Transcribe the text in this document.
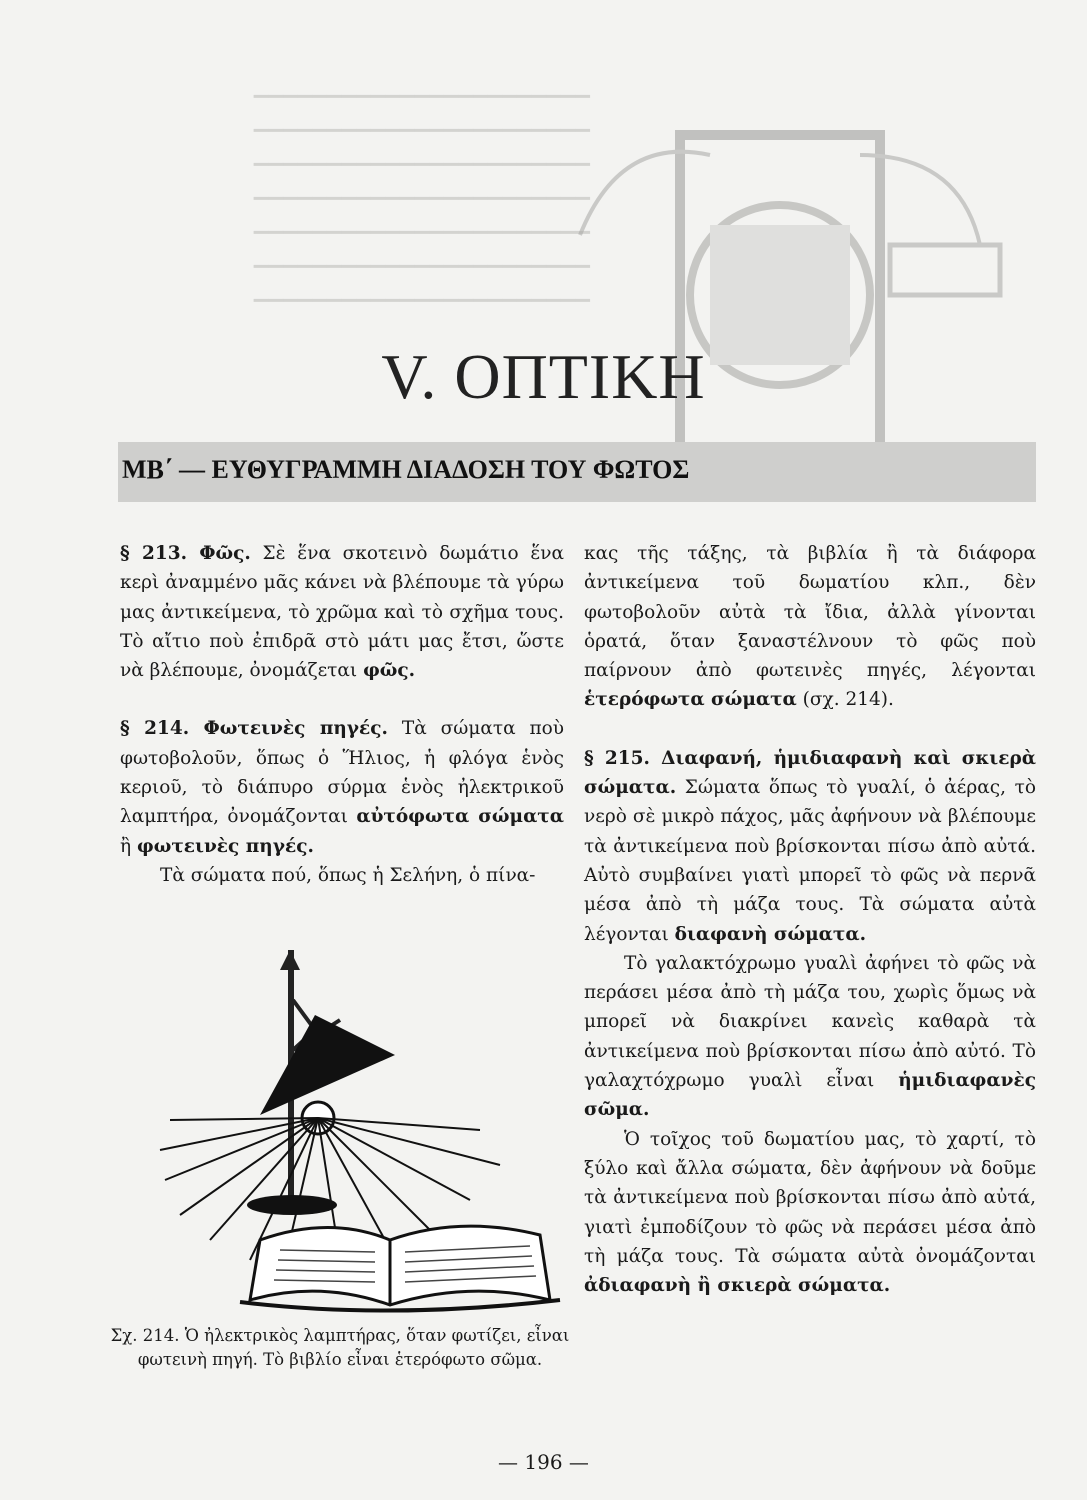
▁▁▁▁▁▁▁▁▁▁▁▁▁▁▁▁▁▁▁▁▁▁▁
▁▁▁▁▁▁▁▁▁▁▁▁▁▁▁▁▁▁▁▁▁▁▁
▁▁▁▁▁▁▁▁▁▁▁▁▁▁▁▁▁▁▁▁▁▁▁
▁▁▁▁▁▁▁▁▁▁▁▁▁▁▁▁▁▁▁▁▁▁▁
▁▁▁▁▁▁▁▁▁▁▁▁▁▁▁▁▁▁▁▁▁▁▁
▁▁▁▁▁▁▁▁▁▁▁▁▁▁▁▁▁▁▁▁▁▁▁
▁▁▁▁▁▁▁▁▁▁▁▁▁▁▁▁▁▁▁▁▁▁▁
V. ΟΠΤΙΚΗ
ΜΒ΄ — ΕΥΘΥΓΡΑΜΜΗ ΔΙΑΔΟΣΗ ΤΟΥ ΦΩΤΟΣ

§ 213. Φῶς. Σὲ ἕνα σκοτεινὸ δωμάτιο ἕνα κερὶ ἀναμμένο μᾶς κάνει νὰ βλέπουμε τὰ γύρω μας ἀντικείμενα, τὸ χρῶμα καὶ τὸ σχῆμα τους. Τὸ αἴτιο ποὺ ἐπιδρᾶ στὸ μάτι μας ἔτσι, ὥστε νὰ βλέπουμε, ὀνομάζεται φῶς.

§ 214. Φωτεινὲς πηγές. Τὰ σώματα ποὺ φωτοβολοῦν, ὅπως ὁ Ἥλιος, ἡ φλόγα ἑνὸς κεριοῦ, τὸ διάπυρο σύρμα ἑνὸς ἠλεκτρικοῦ λαμπτήρα, ὀνομάζονται αὐτόφωτα σώματα ἢ φωτεινὲς πηγές.

Τὰ σώματα πού, ὅπως ἡ Σελήνη, ὁ πίνα-

Σχ. 214. Ὁ ἠλεκτρικὸς λαμπτήρας, ὅταν φωτίζει, εἶναι φωτεινὴ πηγή. Τὸ βιβλίο εἶναι ἑτερόφωτο σῶμα.

κας τῆς τάξης, τὰ βιβλία ἢ τὰ διάφορα ἀντικείμενα τοῦ δωματίου κλπ., δὲν φωτοβολοῦν αὐτὰ τὰ ἴδια, ἀλλὰ γίνονται ὁρατά, ὅταν ξαναστέλνουν τὸ φῶς ποὺ παίρνουν ἀπὸ φωτεινὲς πηγές, λέγονται ἑτερόφωτα σώματα (σχ. 214).

§ 215. Διαφανή, ἡμιδιαφανὴ καὶ σκιερὰ σώματα. Σώματα ὅπως τὸ γυαλί, ὁ ἀέρας, τὸ νερὸ σὲ μικρὸ πάχος, μᾶς ἀφήνουν νὰ βλέπουμε τὰ ἀντικείμενα ποὺ βρίσκονται πίσω ἀπὸ αὐτά. Αὐτὸ συμβαίνει γιατὶ μπορεῖ τὸ φῶς νὰ περνᾶ μέσα ἀπὸ τὴ μάζα τους. Τὰ σώματα αὐτὰ λέγονται διαφανὴ σώματα.

Τὸ γαλακτόχρωμο γυαλὶ ἀφήνει τὸ φῶς νὰ περάσει μέσα ἀπὸ τὴ μάζα του, χωρὶς ὅμως νὰ μπορεῖ νὰ διακρίνει κανεὶς καθαρὰ τὰ ἀντικείμενα ποὺ βρίσκονται πίσω ἀπὸ αὐτό. Τὸ γαλαχτόχρωμο γυαλὶ εἶναι ἡμιδιαφανὲς σῶμα.

Ὁ τοῖχος τοῦ δωματίου μας, τὸ χαρτί, τὸ ξύλο καὶ ἄλλα σώματα, δὲν ἀφήνουν νὰ δοῦμε τὰ ἀντικείμενα ποὺ βρίσκονται πίσω ἀπὸ αὐτά, γιατὶ ἐμποδίζουν τὸ φῶς νὰ περάσει μέσα ἀπὸ τὴ μάζα τους. Τὰ σώματα αὐτὰ ὀνομάζονται ἀδιαφανὴ ἢ σκιερὰ σώματα.

— 196 —
